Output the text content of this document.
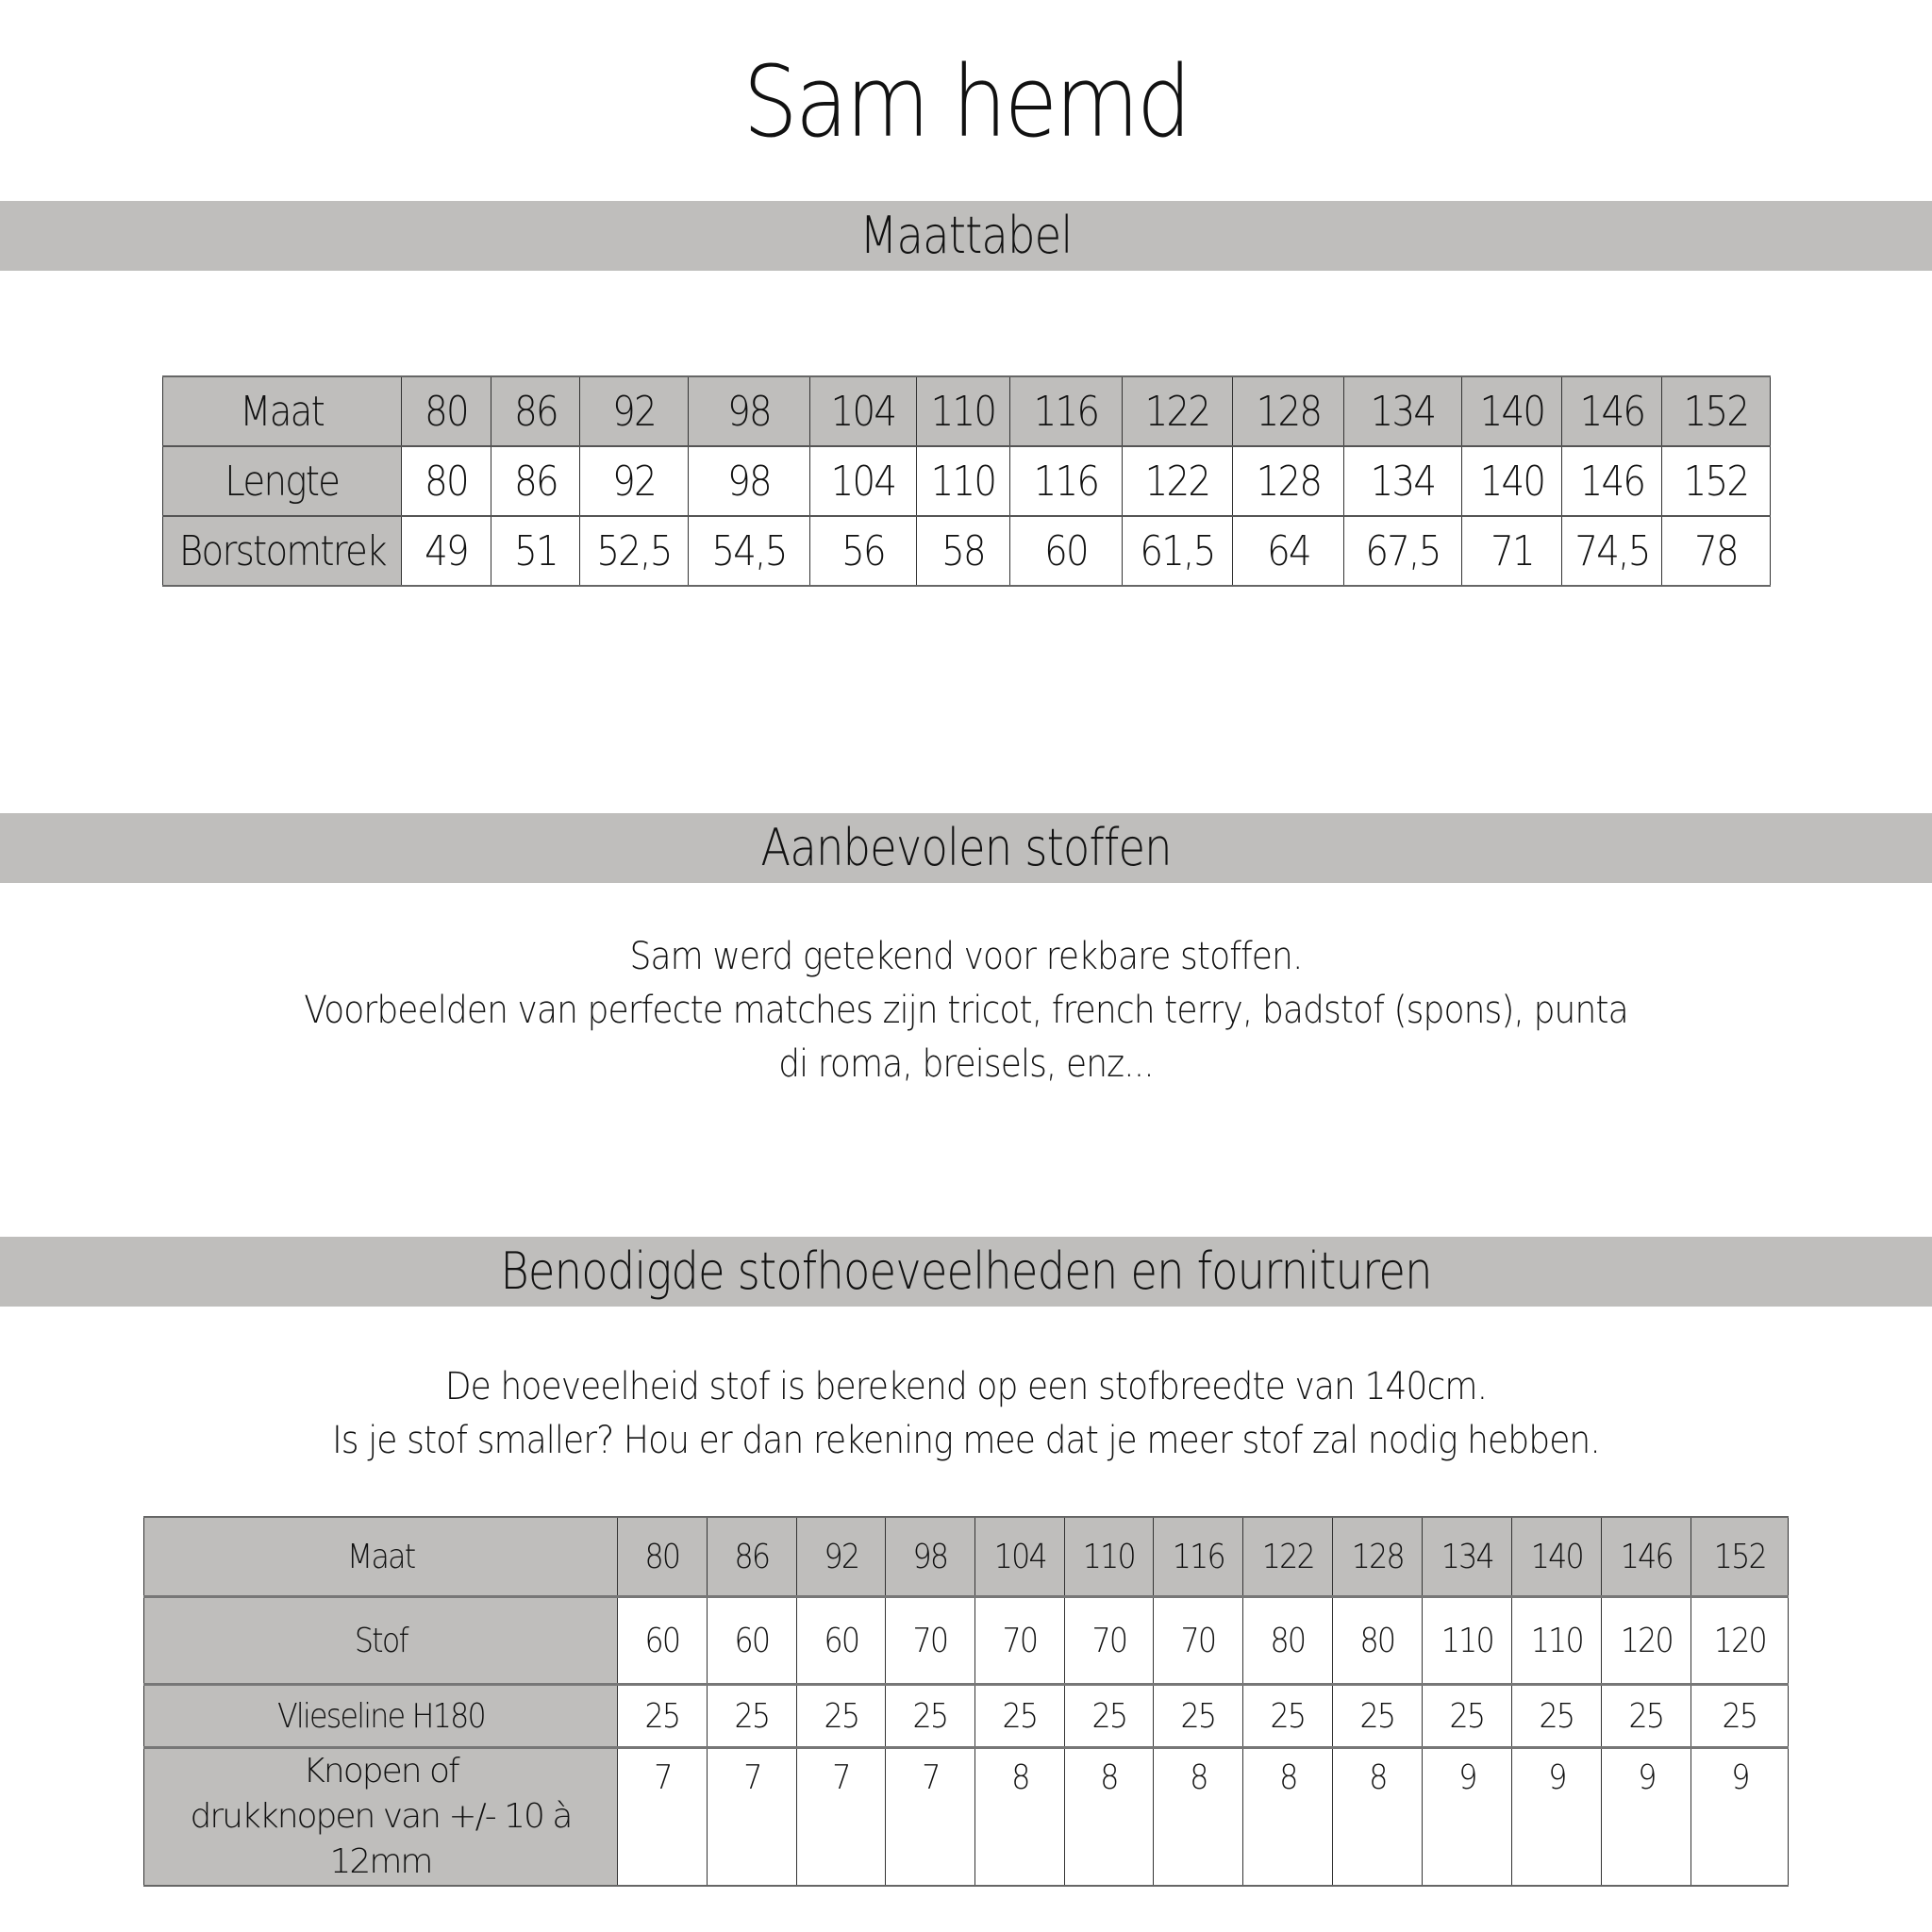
Sam hemd
Maattabel
Maat	80	86	92	98	104	110	116	122	128	134	140	146	152
Lengte	80	86	92	98	104	110	116	122	128	134	140	146	152
Borstomtrek	49	51	52,5	54,5	56	58	60	61,5	64	67,5	71	74,5	78
Aanbevolen stoffen
Sam werd getekend voor rekbare stoffen.
Voorbeelden van perfecte matches zijn tricot, french terry, badstof (spons), punta
di roma, breisels, enz...
Benodigde stofhoeveelheden en fournituren
De hoeveelheid stof is berekend op een stofbreedte van 140cm.
Is je stof smaller? Hou er dan rekening mee dat je meer stof zal nodig hebben.
Maat	80	86	92	98	104	110	116	122	128	134	140	146	152
Stof	60	60	60	70	70	70	70	80	80	110	110	120	120
Vlieseline H180	25	25	25	25	25	25	25	25	25	25	25	25	25

Knopen of
drukknopen van +/- 10 à 12mm	7	7	7	7	8	8	8	8	8	9	9	9	9
